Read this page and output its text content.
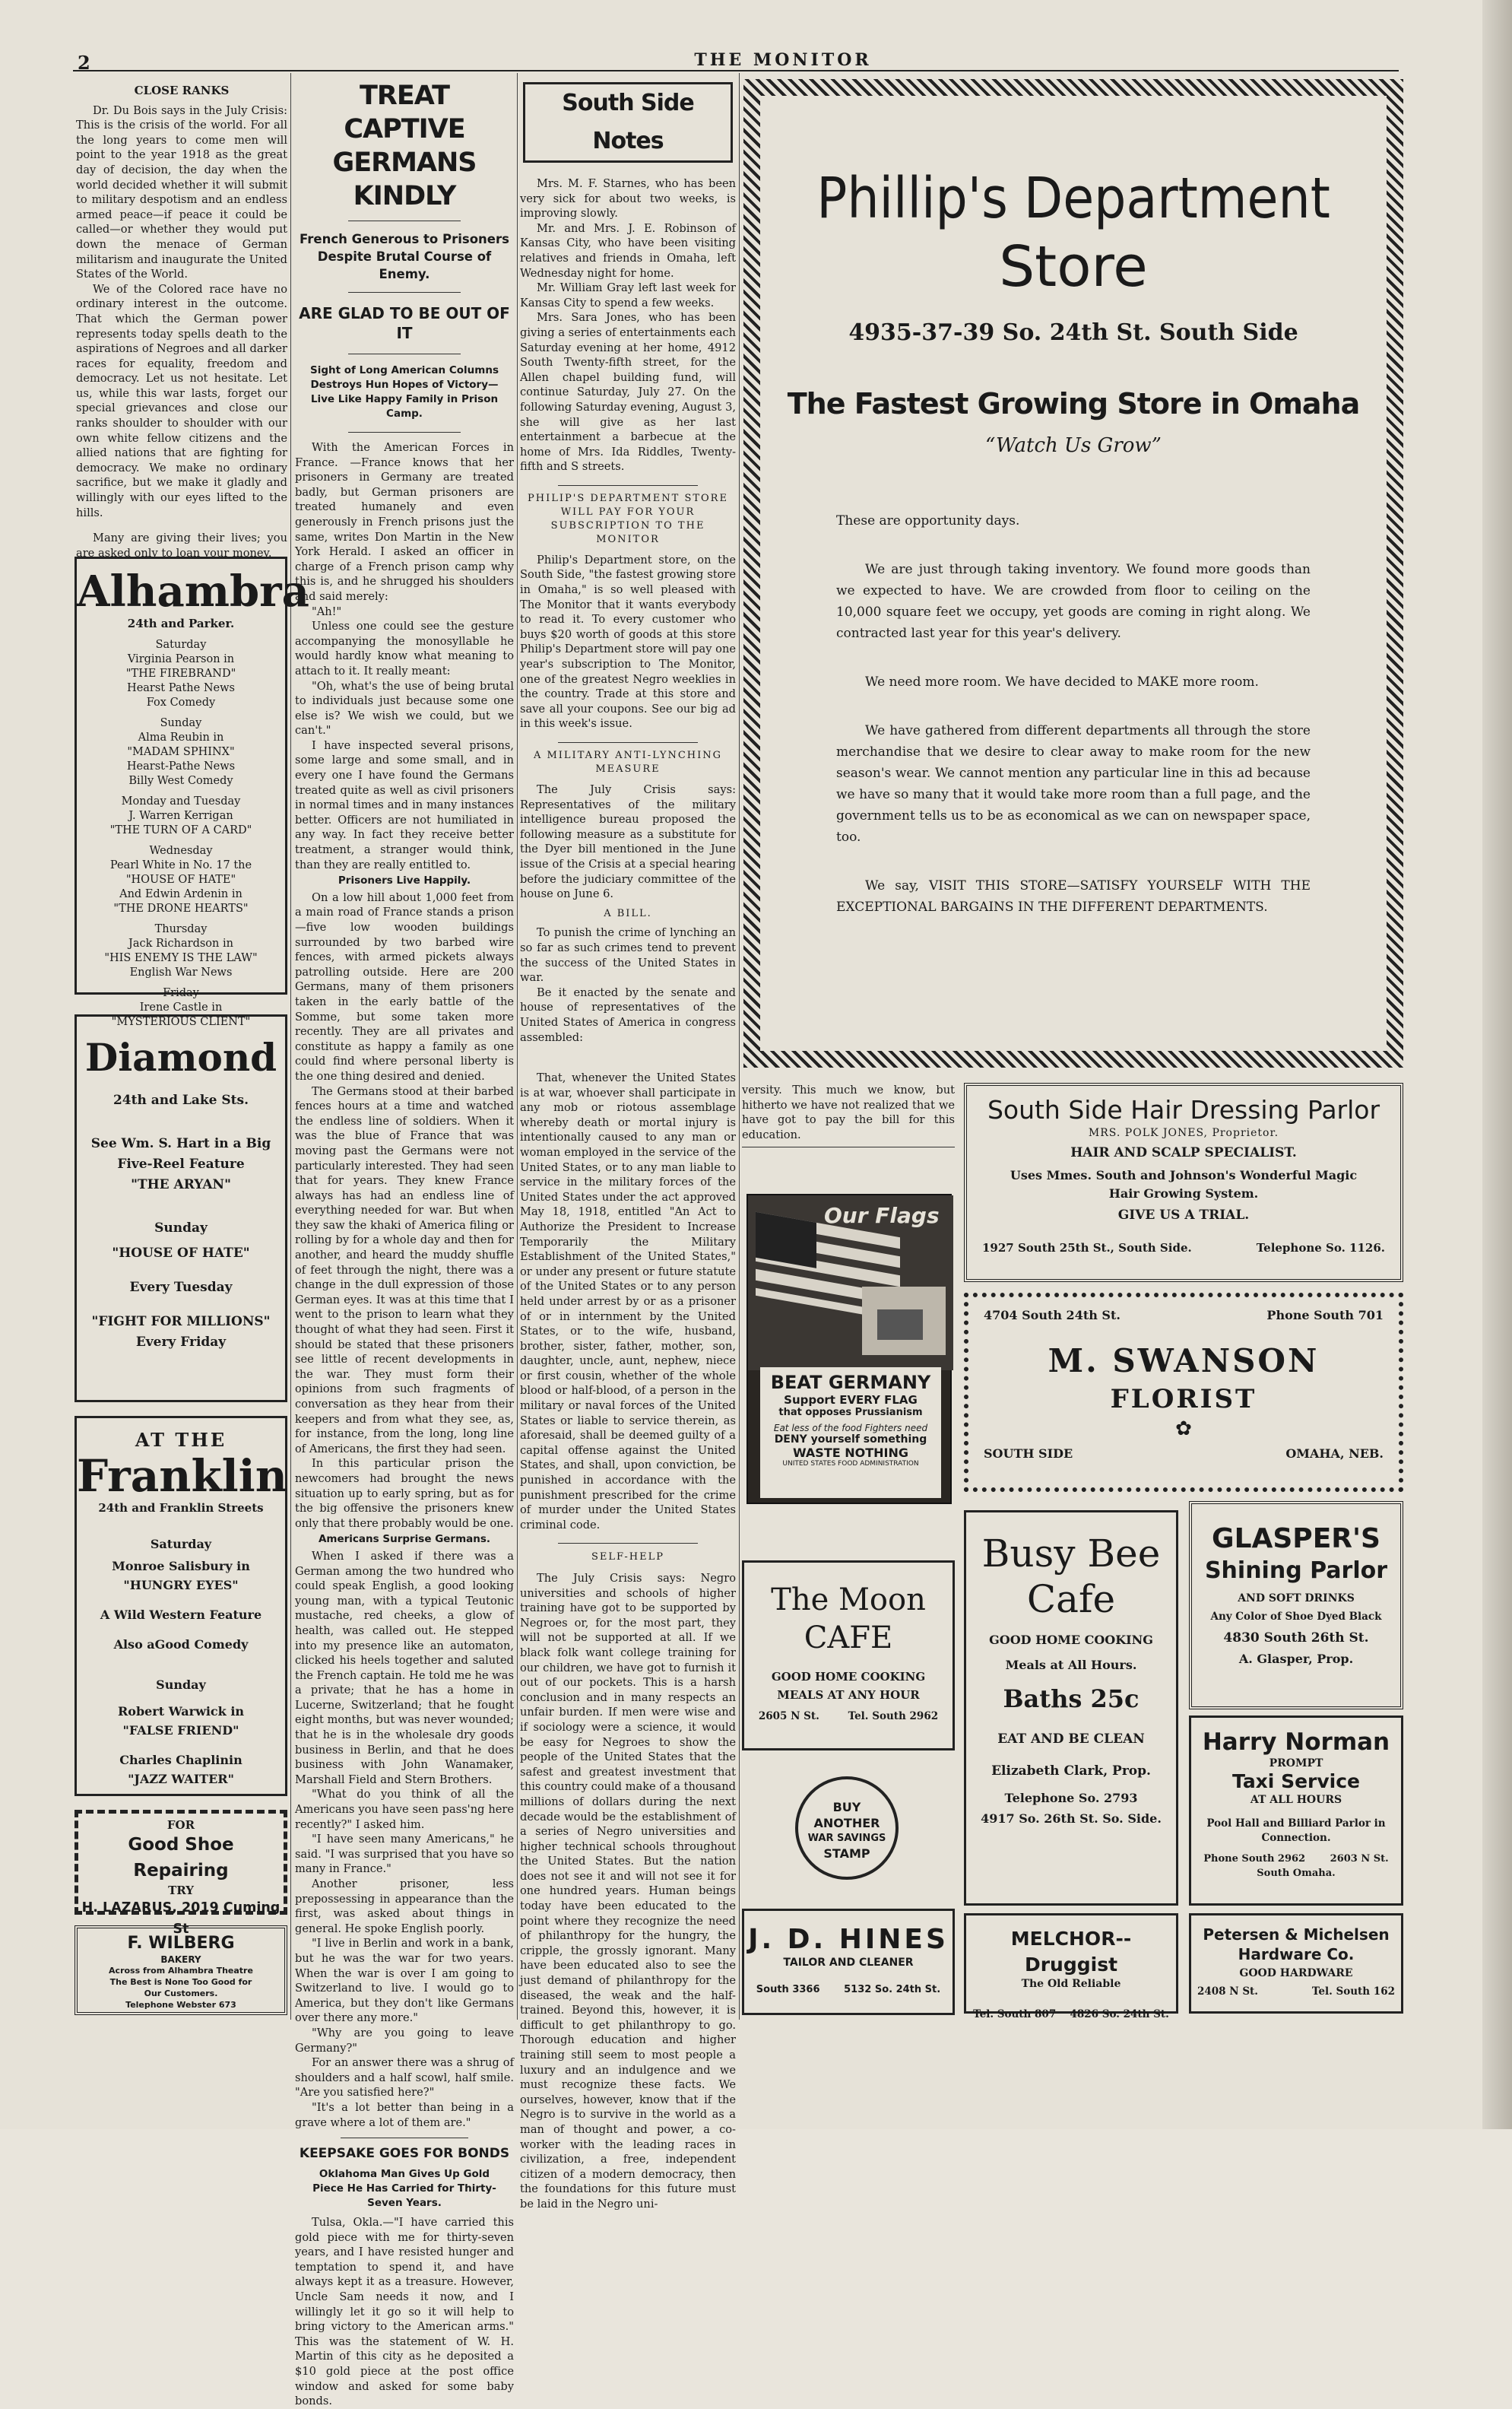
2	THE MONITOR
CLOSE RANKS

Dr. Du Bois says in the July Crisis: This is the crisis of the world. For all the long years to come men will point to the year 1918 as the great day of decision, the day when the world decided whether it will submit to military despotism and an endless armed peace—if peace it could be called—or whether they would put down the menace of German militarism and inaugurate the United States of the World.

We of the Colored race have no ordinary interest in the outcome. That which the German power represents today spells death to the aspirations of Negroes and all darker races for equality, freedom and democracy. Let us not hesitate. Let us, while this war lasts, forget our special grievances and close our ranks shoulder to shoulder with our own white fellow citizens and the allied nations that are fighting for democracy. We make no ordinary sacrifice, but we make it gladly and willingly with our eyes lifted to the hills.

Many are giving their lives; you are asked only to loan your money.

Alhambra
24th and Parker.
Saturday
Virginia Pearson in
"THE FIREBRAND"
Hearst Pathe News
Fox Comedy
Sunday
Alma Reubin in
"MADAM SPHINX"
Hearst-Pathe News
Billy West Comedy
Monday and Tuesday
J. Warren Kerrigan
"THE TURN OF A CARD"
Wednesday
Pearl White in No. 17 the
"HOUSE OF HATE"
And Edwin Ardenin in
"THE DRONE HEARTS"
Thursday
Jack Richardson in
"HIS ENEMY IS THE LAW"
English War News
Friday
Irene Castle in
"MYSTERIOUS CLIENT"
Diamond
24th and Lake Sts.
See Wm. S. Hart in a Big
Five-Reel Feature
"THE ARYAN"
Sunday
"HOUSE OF HATE"
Every Tuesday
"FIGHT FOR MILLIONS"
Every Friday
AT THE
Franklin
24th and Franklin Streets
Saturday
Monroe Salisbury in
"HUNGRY EYES"
A Wild Western Feature
Also aGood Comedy
Sunday
Robert Warwick in
"FALSE FRIEND"
Charles Chaplinin
"JAZZ WAITER"
FOR
Good Shoe Repairing
TRY
H. LAZARUS, 2019 Cuming St
F. WILBERG
BAKERY
Across from Alhambra Theatre
The Best is None Too Good for
Our Customers.
Telephone Webster 673
TREAT CAPTIVE
GERMANS KINDLY
French Generous to Prisoners Despite Brutal Course of Enemy.
ARE GLAD TO BE OUT OF IT
Sight of Long American Columns Destroys Hun Hopes of Victory—Live Like Happy Family in Prison Camp.

With the American Forces in France. —France knows that her prisoners in Germany are treated badly, but German prisoners are treated humanely and even generously in French prisons just the same, writes Don Martin in the New York Herald. I asked an officer in charge of a French prison camp why this is, and he shrugged his shoulders and said merely:

"Ah!"

Unless one could see the gesture accompanying the monosyllable he would hardly know what meaning to attach to it. It really meant:

"Oh, what's the use of being brutal to individuals just because some one else is? We wish we could, but we can't."

I have inspected several prisons, some large and some small, and in every one I have found the Germans treated quite as well as civil prisoners in normal times and in many instances better. Officers are not humiliated in any way. In fact they receive better treatment, a stranger would think, than they are really entitled to.

Prisoners Live Happily.

On a low hill about 1,000 feet from a main road of France stands a prison—five low wooden buildings surrounded by two barbed wire fences, with armed pickets always patrolling outside. Here are 200 Germans, many of them prisoners taken in the early battle of the Somme, but some taken more recently. They are all privates and constitute as happy a family as one could find where personal liberty is the one thing desired and denied.

The Germans stood at their barbed fences hours at a time and watched the endless line of soldiers. When it was the blue of France that was moving past the Germans were not particularly interested. They had seen that for years. They knew France always has had an endless line of everything needed for war. But when they saw the khaki of America filing or rolling by for a whole day and then for another, and heard the muddy shuffle of feet through the night, there was a change in the dull expression of those German eyes. It was at this time that I went to the prison to learn what they thought of what they had seen. First it should be stated that these prisoners see little of recent developments in the war. They must form their opinions from such fragments of conversation as they hear from their keepers and from what they see, as, for instance, from the long, long line of Americans, the first they had seen.

In this particular prison the newcomers had brought the news situation up to early spring, but as for the big offensive the prisoners knew only that there probably would be one.

Americans Surprise Germans.

When I asked if there was a German among the two hundred who could speak English, a good looking young man, with a typical Teutonic mustache, red cheeks, a glow of health, was called out. He stepped into my presence like an automaton, clicked his heels together and saluted the French captain. He told me he was a private; that he has a home in Lucerne, Switzerland; that he fought eight months, but was never wounded; that he is in the wholesale dry goods business in Berlin, and that he does business with John Wanamaker, Marshall Field and Stern Brothers.

"What do you think of all the Americans you have seen pass'ng here recently?" I asked him.

"I have seen many Americans," he said. "I was surprised that you have so many in France."

Another prisoner, less prepossessing in appearance than the first, was asked about things in general. He spoke English poorly.

"I live in Berlin and work in a bank, but he was the war for two years. When the war is over I am going to Switzerland to live. I would go to America, but they don't like Germans over there any more."

"Why are you going to leave Germany?"

For an answer there was a shrug of shoulders and a half scowl, half smile. "Are you satisfied here?"

"It's a lot better than being in a grave where a lot of them are."

KEEPSAKE GOES FOR BONDS
Oklahoma Man Gives Up Gold Piece He Has Carried for Thirty-Seven Years.

Tulsa, Okla.—"I have carried this gold piece with me for thirty-seven years, and I have resisted hunger and temptation to spend it, and have always kept it as a treasure. However, Uncle Sam needs it now, and I willingly let it go so it will help to bring victory to the American arms." This was the statement of W. H. Martin of this city as he deposited a $10 gold piece at the post office window and asked for some baby bonds.

South Side Notes

Mrs. M. F. Starnes, who has been very sick for about two weeks, is improving slowly.

Mr. and Mrs. J. E. Robinson of Kansas City, who have been visiting relatives and friends in Omaha, left Wednesday night for home.

Mr. William Gray left last week for Kansas City to spend a few weeks.

Mrs. Sara Jones, who has been giving a series of entertainments each Saturday evening at her home, 4912 South Twenty-fifth street, for the Allen chapel building fund, will continue Saturday, July 27. On the following Saturday evening, August 3, she will give as her last entertainment a barbecue at the home of Mrs. Ida Riddles, Twenty-fifth and S streets.

PHILIP'S DEPARTMENT STORE WILL PAY FOR YOUR SUBSCRIPTION TO THE MONITOR

Philip's Department store, on the South Side, "the fastest growing store in Omaha," is so well pleased with The Monitor that it wants everybody to read it. To every customer who buys $20 worth of goods at this store Philip's Department store will pay one year's subscription to The Monitor, one of the greatest Negro weeklies in the country. Trade at this store and save all your coupons. See our big ad in this week's issue.

A MILITARY ANTI-LYNCHING MEASURE

The July Crisis says: Representatives of the military intelligence bureau proposed the following measure as a substitute for the Dyer bill mentioned in the June issue of the Crisis at a special hearing before the judiciary committee of the house on June 6.

A BILL.

To punish the crime of lynching an so far as such crimes tend to prevent the success of the United States in war.

Be it enacted by the senate and house of representatives of the United States of America in congress assembled:

That, whenever the United States is at war, whoever shall participate in any mob or riotous assemblage whereby death or mortal injury is intentionally caused to any man or woman employed in the service of the United States, or to any man liable to service in the military forces of the United States under the act approved May 18, 1918, entitled "An Act to Authorize the President to Increase Temporarily the Military Establishment of the United States," or under any present or future statute of the United States or to any person held under arrest by or as a prisoner of or in internment by the United States, or to the wife, husband, brother, sister, father, mother, son, daughter, uncle, aunt, nephew, niece or first cousin, whether of the whole blood or half-blood, of a person in the military or naval forces of the United States or liable to service therein, as aforesaid, shall be deemed guilty of a capital offense against the United States, and shall, upon conviction, be punished in accordance with the punishment prescribed for the crime of murder under the United States criminal code.

SELF-HELP

The July Crisis says: Negro universities and schools of higher training have got to be supported by Negroes or, for the most part, they will not be supported at all. If we black folk want college training for our children, we have got to furnish it out of our pockets. This is a harsh conclusion and in many respects an unfair burden. If men were wise and if sociology were a science, it would be easy for Negroes to show the people of the United States that the safest and greatest investment that this country could make of a thousand millions of dollars during the next decade would be the establishment of a series of Negro universities and higher technical schools throughout the United States. But the nation does not see it and will not see it for one hundred years. Human beings today have been educated to the point where they recognize the need of philanthropy for the hungry, the cripple, the grossly ignorant. Many have been educated also to see the just demand of philanthropy for the diseased, the weak and the half-trained. Beyond this, however, it is difficult to get philanthropy to go. Thorough education and higher training still seem to most people a luxury and an indulgence and we must recognize these facts. We ourselves, however, know that if the Negro is to survive in the world as a man of thought and power, a co-worker with the leading races in civilization, a free, independent citizen of a modern democracy, then the foundations for this future must be laid in the Negro uni-

Phillip's Department
Store
4935-37-39 So. 24th St. South Side
The Fastest Growing Store in Omaha
“Watch Us Grow”

These are opportunity days.

We are just through taking inventory. We found more goods than we expected to have. We are crowded from floor to ceiling on the 10,000 square feet we occupy, yet goods are coming in right along. We contracted last year for this year's delivery.

We need more room. We have decided to MAKE more room.

We have gathered from different departments all through the store merchandise that we desire to clear away to make room for the new season's wear. We cannot mention any particular line in this ad because we have so many that it would take more room than a full page, and the government tells us to be as economical as we can on newspaper space, too.

We say, VISIT THIS STORE—SATISFY YOURSELF WITH THE EXCEPTIONAL BARGAINS IN THE DIFFERENT DEPARTMENTS.

versity. This much we know, but hitherto we have not realized that we have got to pay the bill for this education.

Our Flags
BEAT GERMANY
Support EVERY FLAG
that opposes Prussianism
Eat less of the food Fighters need
DENY yourself something
WASTE NOTHING
UNITED STATES FOOD ADMINISTRATION
The Moon
CAFE
GOOD HOME COOKING
MEALS AT ANY HOUR
2605 N St.	Tel. South 2962
BUY
ANOTHER
WAR SAVINGS
STAMP
J. D. HINES
TAILOR AND CLEANER
South 3366 5132 So. 24th St.
South Side Hair Dressing Parlor
MRS. POLK JONES, Proprietor.
HAIR AND SCALP SPECIALIST.
Uses Mmes. South and Johnson's Wonderful Magic Hair Growing System.
GIVE US A TRIAL.
1927 South 25th St., South Side.	Telephone So. 1126.
4704 South 24th St.	Phone South 701
M. SWANSON
FLORIST
✿
SOUTH SIDE	OMAHA, NEB.
Busy Bee
Cafe
GOOD HOME COOKING
Meals at All Hours.
Baths 25c
EAT AND BE CLEAN
Elizabeth Clark, Prop.
Telephone So. 2793
4917 So. 26th St. So. Side.
GLASPER'S
Shining Parlor
AND SOFT DRINKS
Any Color of Shoe Dyed Black
4830 South 26th St.
A. Glasper, Prop.
Harry Norman
PROMPT
Taxi Service
AT ALL HOURS
Pool Hall and Billiard Parlor in Connection.
Phone South 2962	2603 N St.
South Omaha.
MELCHOR--Druggist
The Old Reliable
Tel. South 807 4826 So. 24th St.
Petersen & Michelsen
Hardware Co.
GOOD HARDWARE
2408 N St.	Tel. South 162
